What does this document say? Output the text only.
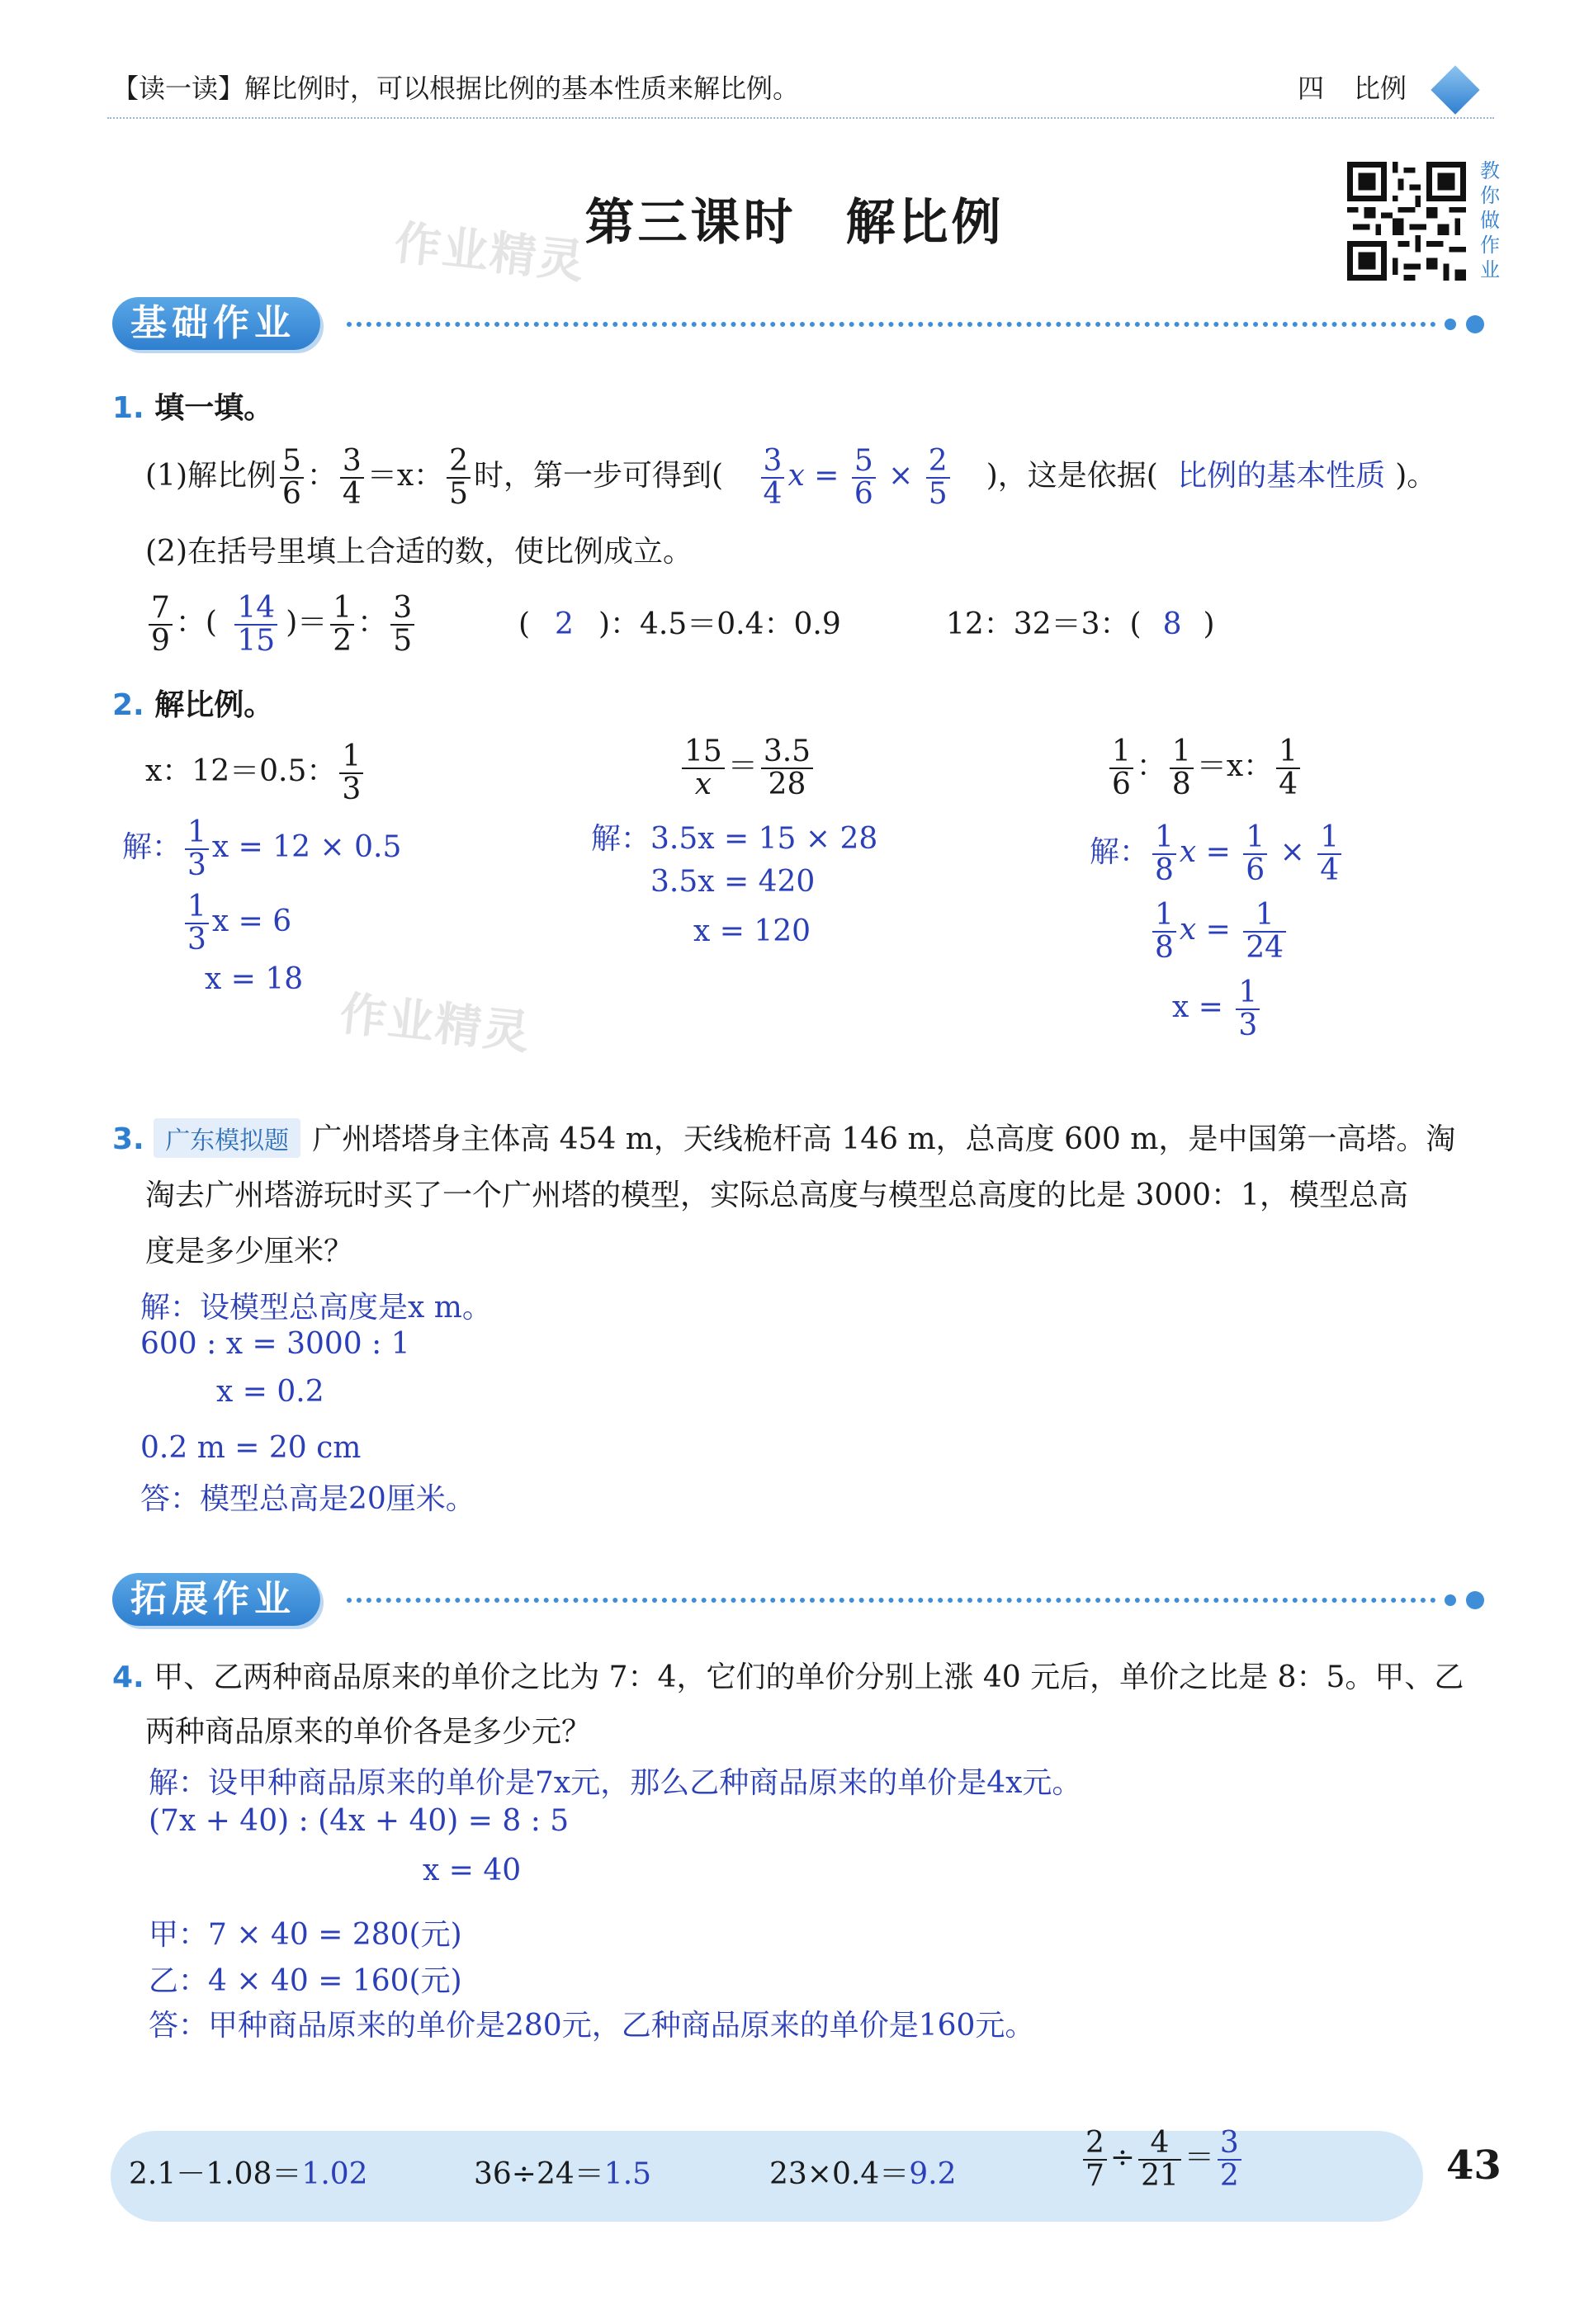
【读一读】解比例时，可以根据比例的基本性质来解比例。	四 比例
教
你
做
作
业
第三课时 解比例
作业精灵
基础作业
1. 填一填。
(1)解比例 $\frac{5}{6}$ ： $\frac{3}{4} =x$： $\frac{2}{5}$ 时，第一步可得到( $\frac{3}{4}$ $x = \frac{5}{6} \times \frac{2}{5}$ )，这是依据( 比例的基本性质 )。
(2)在括号里填上合适的数，使比例成立。
$\frac{7}{9}$ ：( $\frac{14}{15}$ )＝ $\frac{1}{2}$ ： $\frac{3}{5}$	( 2 )：4.5＝0.4：0.9	12：32＝3：( 8 )
2. 解比例。
x：12＝0.5： $\frac{1}{3}$
解： $\frac{1}{3}$ x = 12 × 0.5
$\frac{1}{3}$ x = 6
x = 18
作业精灵
$\frac{15}{x} = \frac{3.5}{28}$
解：3.5x = 15 × 28
3.5x = 420
x = 120
$\frac{1}{6}$ ： $\frac{1}{8} =x$： $\frac{1}{4}$
解： $\frac{1}{8}$ $x = \frac{1}{6} \times \frac{1}{4}$
$\frac{1}{8}$ $x = \frac{1}{24}$
$x = \frac{1}{3}$
3. 广东模拟题 广州塔塔身主体高 454 m，天线桅杆高 146 m，总高度 600 m，是中国第一高塔。淘
淘去广州塔游玩时买了一个广州塔的模型，实际总高度与模型总高度的比是 3000：1，模型总高
度是多少厘米？
解：设模型总高度是x m。
600 : x = 3000 : 1
x = 0.2
0.2 m = 20 cm
答：模型总高是20厘米。
拓展作业
4. 甲、乙两种商品原来的单价之比为 7：4，它们的单价分别上涨 40 元后，单价之比是 8：5。甲、乙
两种商品原来的单价各是多少元？
解：设甲种商品原来的单价是7x元，那么乙种商品原来的单价是4x元。
(7x + 40) : (4x + 40) = 8 : 5
x = 40
甲：7 × 40 = 280(元)
乙：4 × 40 = 160(元)
答：甲种商品原来的单价是280元，乙种商品原来的单价是160元。
2.1－1.08＝1.02	36÷24＝1.5	23×0.4＝9.2	$\frac{2}{7} \div \frac{4}{21} = \frac{3}{2}$	43
